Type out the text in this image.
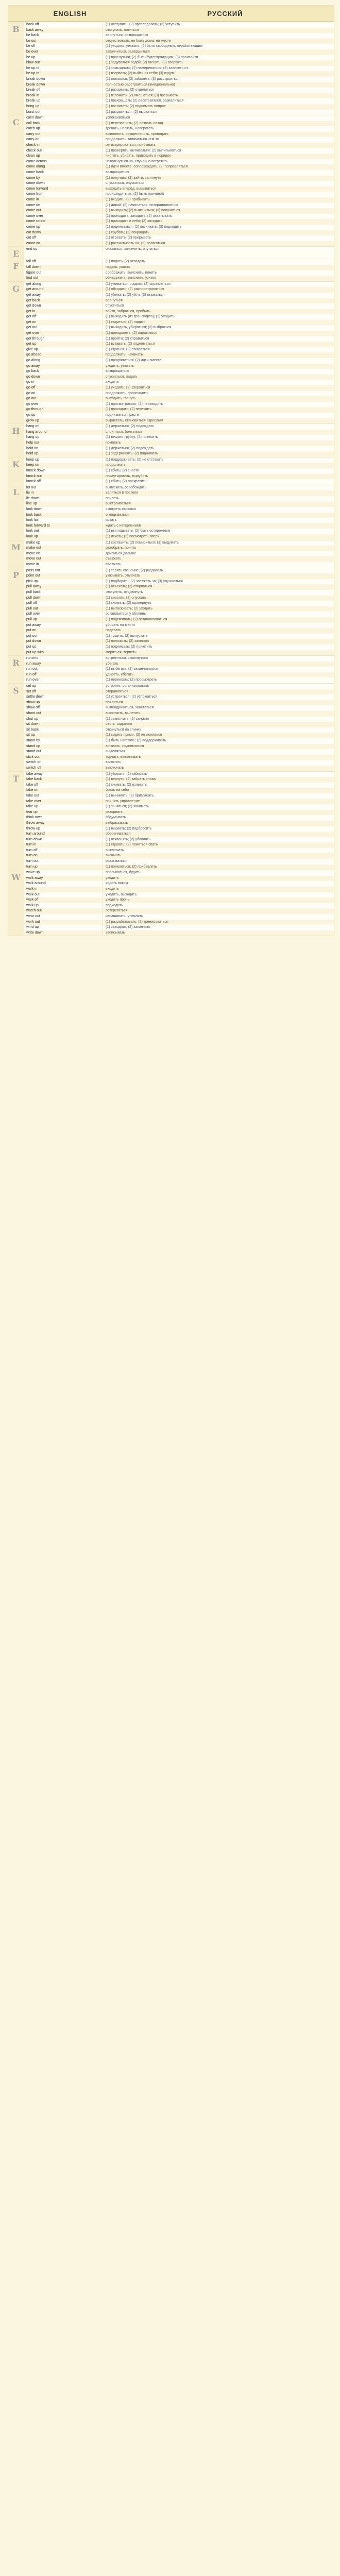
ENGLISH	РУССКИЙ
B	back off	(1) отступить; (2) преследовать; (3) уступить
back away	отступать, пятиться
be back	вернуться, возвращаться
be out	отсутствовать, не быть дома, на месте
be off	(1) уходить, уезжать; (2) быть свободным, неработающим
be over	закончиться, завершиться
be up	(1) проснуться; (2) быть/будет/грядущим; (3) произойти
blow out	(1) задуваться водой; (2) гаснуть; (3) взорвать
be up to	(1) замышлять; (2) намереваться; (3) зависеть от
be up to	(1) взорвать; (2) выйти из себя; (3) вздуть
break down	(1) ломаться; (2) заболеть; (3) расстроиться
break down	полностью расстроиться (эмоционально)
break off	(1) разорвать; (2) отделиться
break in	(1) взломать; (2) вмешаться; (3) прерывать
break up	(1) прекращать; (2) расставаться, развалиться
bring up	(1) воспитать; (2) поднимать вопрос
burst out	(1) разразиться; (2) вырваться
C	calm down	успокаиваться
call back	(1) перезвонить; (2) позвать назад
catch up	догнать, нагнать, наверстать
carry out	выполнять, осуществлять, проводить
carry on	продолжать, заниматься чем-то
check in	регистрироваться, прибывать
check out	(1) проверять, выписаться; (2) выписываться
clean up	чистить, убирать, приводить в порядок
come across	натолкнуться на, случайно встретить
come along	(1) идти вместе, сопровождать; (2) поправляться
come back	возвращаться
come by	(1) получать; (2) зайти, заглянуть
come down	спускаться, опускаться
come forward	выходить вперёд, вызываться
come from	происходить из; (2) быть причиной
come in	(1) входить; (2) прибывать
come on	(1) давай; (2) начинаться, поторапливаться
come out	(1) выходить; (2) выясниться; (3) получиться
come over	(1) приходить, заходить; (2) охватывать
come round	(1) приходить в себя; (2) заходить
come up	(1) подниматься; (2) возникать; (3) подходить
cut down	(1) срубать; (2) сокращать
cut off	(1) отрезать; (2) прерывать
count on	(1) рассчитывать на; (2) полагаться
E	end up	оказаться, закончить, очутиться
F	fall off	(1) падать; (2) отпадать
fall down	падать, упасть
figure out	соображать, выяснить, понять
find out	обнаружить, выяснить, узнать
G	get along	(1) уживаться, ладить; (2) справляться
get around	(1) обходить; (2) распространяться
get away	(1) убежать; (2) уйти; (3) вырваться
get back	вернуться
get down	спуститься
get in	войти, забраться, прибыть
get off	(1) выходить (из транспорта); (2) уходить
get on	(1) садиться; (2) ладить
get out	(1) выходить, убираться; (2) выбраться
get over	(1) преодолеть; (2) оправиться
get through	(1) пройти; (2) справиться
get up	(1) вставать; (2) подниматься
give up	(1) сдаться; (2) отказаться
go ahead	продолжать, начинать
go along	(1) продвигаться; (2) идти вместе
go away	уходить, уезжать
go back	возвращаться
go down	спускаться, падать
go in	входить
go off	(1) уходить; (2) взорваться
go on	продолжать, происходить
go out	выходить, гаснуть
go over	(1) просматривать; (2) переходить
go through	(1) проходить; (2) пережить
go up	подниматься, расти
grow up	вырастать, становиться взрослым
H	hang on	(1) держаться; (2) подождать
hang around	слоняться, болтаться
hang up	(1) вешать трубку; (2) повесить
help out	помогать
hold on	(1) держаться; (2) подождать
hold up	(1) задерживать; (2) поднимать
K	keep up	(1) поддерживать; (2) не отставать
keep on	продолжать
knock down	(1) сбить; (2) снести
knock out	нокаутировать, вырубить
knock off	(1) сбить; (2) прекратить
L	let out	выпускать, освобождать
lie in	валяться в постели
lie down	прилечь
line up	выстраиваться
look down	смотреть свысока
look back	оглядываться
look for	искать
look forward to	ждать с нетерпением
look out	(1) выглядывать; (2) быть осторожным
look up	(1) искать; (2) посмотреть вверх
M	make up	(1) составить; (2) помириться; (3) выдумать
make out	разобрать, понять
move on	двигаться дальше
move out	съезжать
move in	въезжать
P	pass out	(1) терять сознание; (2) раздавать
point out	указывать, отмечать
pick up	(1) подбирать; (2) заезжать за; (3) улучшаться
pull away	(1) отъехать; (2) оторваться
pull back	отступить, отодвинуть
pull down	(1) сносить; (2) опускать
pull off	(1) снимать; (2) провернуть
pull out	(1) вытаскивать; (2) уходить
pull over	остановиться у обочины
pull up	(1) подтягивать; (2) останавливаться
put away	убирать на место
put on	надевать
put out	(1) тушить; (2) выпускать
put down	(1) положить; (2) записать
put up	(1) поднимать; (2) приютить
put up with	мириться, терпеть
R	run into	встретиться, столкнуться
run away	убегать
run out	(1) выбегать; (2) заканчиваться
run off	удирать, убегать
run over	(1) переехать; (2) просмотреть
S	set up	устроить, организовывать
set off	отправляться
settle down	(1) устроиться; (2) успокоиться
show up	появиться
show off	выпендриваться, хвастаться
shoot out	выскочить, вылетать
shut up	(1) замолчать; (2) закрыть
sit down	сесть, садиться
sit back	откинуться на спинку
sit up	(1) сидеть прямо; (2) не ложиться
stand by	(1) быть наготове; (2) поддерживать
stand up	вставать, подниматься
stand out	выделяться
stick out	торчать, высовывать
switch on	включать
switch off	выключать
T	take away	(1) убирать; (2) забирать
take back	(1) вернуть; (2) забрать слова
take off	(1) снимать; (2) взлетать
take on	брать на себя
take out	(1) вынимать; (2) пригласить
take over	принять управление
take up	(1) заняться; (2) занимать
tear up	разорвать
think over	обдумывать
throw away	выбрасывать
throw up	(1) вырвать; (2) подбросить
turn around	оборачиваться
turn down	(1) отклонять; (2) убавлять
turn in	(1) сдавать; (2) ложиться спать
turn off	выключать
turn on	включать
turn out	оказываться
turn up	(1) появляться; (2) прибавлять
W	wake up	просыпаться, будить
walk away	уходить
walk around	ходить вокруг
walk in	входить
walk out	уходить, выходить
walk off	уходить прочь
walk up	подходить
watch out	остерегаться
wear out	изнашивать, утомлять
work out	(1) разрабатывать; (2) тренироваться
wind up	(1) заводить; (2) закончить
write down	записывать
